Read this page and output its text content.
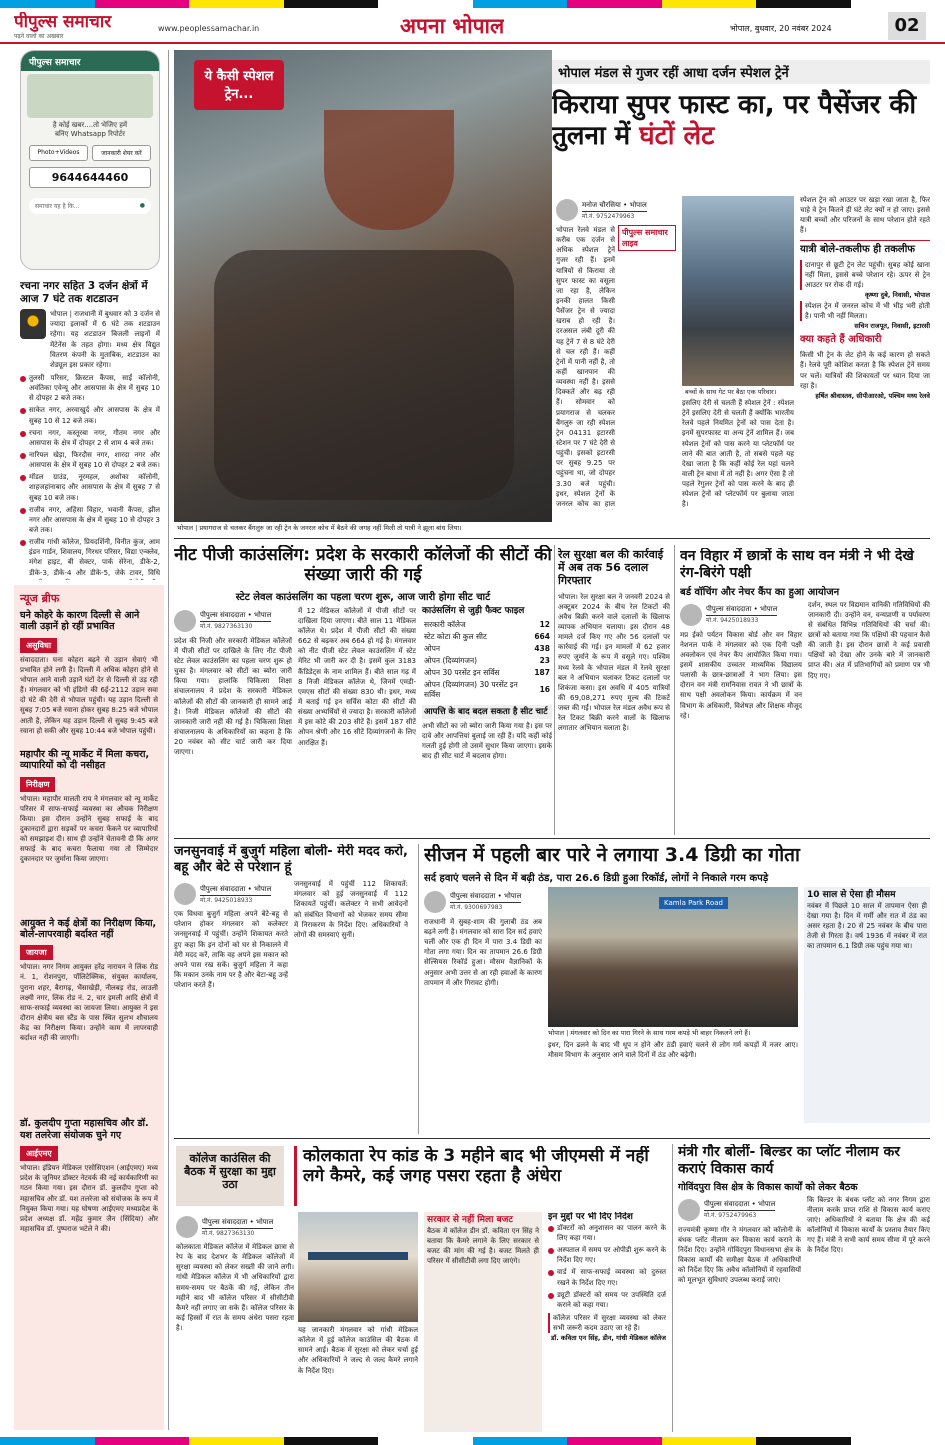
पीपुल्स समाचार
पढ़ने वालों का अखबार
www.peoplessamachar.in	अपना भोपाल	भोपाल, बुधवार, 20 नवंबर 2024	02
पीपुल्स समाचार
है कोई खबर....तो भेजिए हमें
बनिए Whatsapp रिपोर्टर
Photo+Videos	जानकारी शेयर करें
9644644460
समाचार यह है कि...	●
रचना नगर सहित 3 दर्जन क्षेत्रों में आज 7 घंटे तक शटडाउन
भोपाल | राजधानी में बुधवार को 3 दर्जन से ज्यादा इलाकों में 6 घंटे तक शटडाउन रहेगा। यह शटडाउन बिजली लाइनों में मेंटेनेंस के तहत होगा। मध्य क्षेत्र विद्युत वितरण कंपनी के मुताबिक, शटडाउन का शेड्यूल इस प्रकार रहेगा।
तुलसी परिसर, क्रिस्टल कैंपस, साईं कॉलोनी, अवंतिका एवेन्यू और आसपास के क्षेत्र में सुबह 10 से दोपहर 2 बजे तक।
साकेत नगर, अरवाखुर्द और आसपास के क्षेत्र में सुबह 10 से 12 बजे तक।
रचना नगर, कस्तूरबा नगर, गौतम नगर और आसपास के क्षेत्र में दोपहर 2 से शाम 4 बजे तक।
नारियल खेड़ा, फिरदौस नगर, शारदा नगर और आसपास के क्षेत्र में सुबह 10 से दोपहर 2 बजे तक।
मॉडल ग्राउंड, नूरमहल, अशोका कॉलोनी, शाहजहांनाबाद और आसपास के क्षेत्र में सुबह 7 से सुबह 10 बजे तक।
राजीव नगर, अहिंसा विहार, भवानी कैंपस, झील नगर और आसपास के क्षेत्र में सुबह 10 से दोपहर 3 बजे तक।
राजीव गांधी कॉलेज, प्रियदर्शिनी, विनीत कुंज, आम इंडन गार्डन, शिवालय, गिरधर परिसर, विद्या एन्क्लेव, मंगेश हाइट, बी सेक्टर, पार्क सेरेना, डीके-2, डीके-3, डीके-4 और डीके-5, जेके टावर, विधि
न्यूज ब्रीफ
घने कोहरे के कारण दिल्ली से आने वाली उड़ानें हो रहीं प्रभावित
असुविधा
संवाददाता। घना कोहरा बढ़ने से उड़ान सेवाएं भी प्रभावित होने लगी है। दिल्ली में अधिक कोहरा होने से भोपाल आने वाली उड़ानें घंटों देर से दिल्ली से उड़ रही हैं। मंगलवार को भी इंडिगो की 6ई-2112 उड़ान सवा दो घंटे की देरी से भोपाल पहुंची। यह उड़ान दिल्ली से सुबह 7:05 बजे रवाना होकर सुबह 8:25 बजे भोपाल आती है, लेकिन यह उड़ान दिल्ली से सुबह 9:45 बजे रवाना हो सकी और सुबह 10:44 बजे भोपाल पहुंची।
महापौर की न्यू मार्केट में मिला कचरा, व्यापारियों को दी नसीहत
निरीक्षण
भोपाल। महापौर मालती राय ने मंगलवार को न्यू मार्केट परिसर में साफ-सफाई व्यवस्था का औचक निरीक्षण किया। इस दौरान उन्होंने सुबह सफाई के बाद दुकानदारों द्वारा सड़कों पर कचरा फेंकने पर व्यापारियों को समझाइश दी। साथ ही उन्होंने चेतावनी दी कि अगर सफाई के बाद कचरा फैलाया गया तो जिम्मेदार दुकानदार पर जुर्माना किया जाएगा।
आयुक्त ने कई क्षेत्रों का निरीक्षण किया, बोले-लापरवाही बर्दाश्त नहीं
जायजा
भोपाल। नगर निगम आयुक्त हरेंद्र नारायन ने लिंक रोड नं. 1, रोशनपुरा, पॉलिटेक्निक, संयुक्त कार्यालय, पुराना शहर, बैरागढ़, भैंसाखेड़ी, नीलबड़ रोड, लाउली लक्ष्मी नगर, लिंक रोड नं. 2, चार इमली आदि क्षेत्रों में साफ-सफाई व्यवस्था का जायजा लिया। आयुक्त ने इस दौरान क्षेत्रीय बस स्टैंड के पास स्थित सुलभ शौचालय केंद्र का निरीक्षण किया। उन्होंने काम में लापरवाही बर्दाश्त नहीं की जाएगी।
डॉ. कुलदीप गुप्ता महासचिव और डॉ. यश तलरेजा संयोजक चुने गए
आईएमए
भोपाल। इंडियन मेडिकल एसोसिएशन (आईएमए) मध्य प्रदेश के जूनियर डॉक्टर नेटवर्क की नई कार्यकारिणी का गठन किया गया। इस दौरान डॉ. कुलदीप गुप्ता को महासचिव और डॉ. यश तलरेजा को संयोजक के रूप में नियुक्त किया गया। यह घोषणा आईएमए मध्यप्रदेश के प्रदेश अध्यक्ष डॉ. महेंद्र कुमार जैन (सिंदिया) और महासचिव डॉ. पुष्पराज भटेले ने की।
ये कैसी स्पेशल ट्रेन...
भोपाल | प्रयागराज से चलकर बैंगलुरु जा रही ट्रेन के जनरल कोच में बैठने की जगह नहीं मिली तो यात्री ने झूला बांध लिया।
भोपाल मंडल से गुजर रहीं आधा दर्जन स्पेशल ट्रेनें
किराया सुपर फास्ट का, पर पैसेंजर की तुलना में घंटों लेट
मनोज चौरसिया • भोपाल
मो.नं. 9752479963
पीपुल्स समाचार लाइव
भोपाल रेलवे मंडल से करीब एक दर्जन से अधिक स्पेशल ट्रेनें गुजर रही हैं। इनमें यात्रियों से किराया तो सुपर फास्ट का वसूला जा रहा है, लेकिन इनकी हालत किसी पैसेंजर ट्रेन से ज्यादा खराब हो रही है। दरअसल लंबी दूरी की यह ट्रेनें 7 से 8 घंटे देरी से चल रही हैं। कहीं ट्रेनों में पानी नहीं है, तो कहीं खानपान की व्यवस्था नहीं है। इससे दिक्कतें और बढ़ रही हैं। सोमवार को प्रयागराज से चलकर बैंगलुरु जा रही स्पेशल ट्रेन 04131 इटारसी स्टेशन पर 7 घंटे देरी से पहुंची। इसको इटारसी पर सुबह 9.25 पर पहुंचना था, जो दोपहर 3.30 बजे पहुंची। इधर, स्पेशल ट्रेनों के जनरल कोच का हाल
बच्चों के साथ गेट पर बैठा एक परिवार।
इसलिए देरी से चलती हैं स्पेशल ट्रेनें : स्पेशल ट्रेनें इसलिए देरी से चलती हैं क्योंकि भारतीय रेलवे पहले नियमित ट्रेनों को पास देता है। इनमें सुपरफास्ट या अन्य ट्रेनें शामिल हैं। जब स्पेशल ट्रेनों को पास करने या प्लेटफॉर्म पर लाने की बात आती है, तो सबसे पहले यह देखा जाता है कि कहीं कोई रेल यहां चलने वाली ट्रेन बाधा में तो नहीं है। अगर ऐसा है तो पहले रेगुलर ट्रेनों को पास करने के बाद ही स्पेशल ट्रेनों को प्लेटफॉर्म पर बुलाया जाता है।
स्पेशल ट्रेन को आउटर पर खड़ा रखा जाता है, फिर चाहे वे ट्रेन कितने ही घंटे लेट क्यों न हो जाए। इससे यात्री बच्चों और परिजनों के साथ परेशान होते रहते हैं।
यात्री बोले-तकलीफ ही तकलीफ
दानापुर से छूटी ट्रेन लेट पहुंची। सुबह कोई खाना नहीं मिला, इससे बच्चे परेशान रहे। ऊपर से ट्रेन आउटर पर रोक दी गई।
कृष्णा दुबे, निवासी, भोपाल
स्पेशल ट्रेन में जनरल कोच में भी भीड़ भरी होती है। पानी भी नहीं मिलता।
सचिन राजपूत, निवासी, इटारसी
क्या कहते हैं अधिकारी
किसी भी ट्रेन के लेट होने के कई कारण हो सकते हैं। रेलवे पूरी कोशिश करता है कि स्पेशल ट्रेनें समय पर चलें। यात्रियों की शिकायतों पर ध्यान दिया जा रहा है।
हर्षित श्रीवास्तव, सीपीआरओ, पश्चिम मध्य रेलवे
नीट पीजी काउंसलिंग: प्रदेश के सरकारी कॉलेजों की सीटों की संख्या जारी की गई
स्टेट लेवल काउंसलिंग का पहला चरण शुरू, आज जारी होगा सीट चार्ट
पीपुल्स संवाददाता • भोपाल
मो.नं. 9827363130
प्रदेश की निजी और सरकारी मेडिकल कॉलेजों में पीजी सीटों पर दाखिले के लिए नीट पीजी स्टेट लेवल काउंसलिंग का पहला चरण शुरू हो चुका है। मंगलवार को सीटों का ब्योरा जारी किया गया। हालांकि चिकित्सा शिक्षा संचालनालय ने प्रदेश के सरकारी मेडिकल कॉलेजों की सीटों की जानकारी ही सामने आई है। निजी मेडिकल कॉलेजों की सीटों की जानकारी जारी नहीं की गई है। चिकित्सा शिक्षा संचालनालय के अधिकारियों का कहना है कि 20 नवंबर को सीट चार्ट जारी कर दिया जाएगा।
में 12 मेडिकल कॉलेजों में पीजी सीटों पर दाखिला दिया जाएगा। बीते साल 11 मेडिकल कॉलेज थे। प्रदेश में पीजी सीटों की संख्या 662 से बढ़कर अब 664 हो गई है। मंगलवार को नीट पीजी स्टेट लेवल काउंसलिंग में स्टेट मेरिट भी जारी कर दी है। इसमें कुल 3183 कैंडिडेट्स के नाम शामिल हैं। बीते साल गढ़ में 8 निजी मेडिकल कॉलेज थे, जिनमें एमडी-एमएस सीटों की संख्या 830 थी। इधर, मध्य में बताई गई इन सर्विस कोटा की सीटों की संख्या अभ्यर्थियों से ज्यादा है। सरकारी कॉलेजों में इस कोटे की 203 सीटें हैं। इसमें 187 सीटें ओपन श्रेणी और 16 सीटें दिव्यांगजनों के लिए आरक्षित हैं।
काउंसलिंग से जुड़ी फैक्ट फाइल
सरकारी कॉलेज	12
स्टेट कोटा की कुल सीट	664
ओपन	438
ओपन (दिव्यांगजन)	23
ओपन 30 परसेंट इन सर्विस	187
ओपन (दिव्यांगजन) 30 परसेंट इन सर्विस	16
आपत्ति के बाद बदल सकता है सीट चार्ट
अभी सीटों का जो ब्योरा जारी किया गया है। इस पर दावे और आपत्तियां बुलाई जा रही हैं। यदि कहीं कोई गलती हुई होगी तो उसमें सुधार किया जाएगा। इसके बाद ही सीट चार्ट में बदलाव होगा।
रेल सुरक्षा बल की कार्रवाई में अब तक 56 दलाल गिरफ्तार
भोपाल। रेल सुरक्षा बल ने जनवरी 2024 से अक्टूबर 2024 के बीच रेल टिकटों की अवैध बिक्री करने वाले दलालों के खिलाफ व्यापक अभियान चलाया। इस दौरान 48 मामले दर्ज किए गए और 56 दलालों पर कार्रवाई की गई। इन मामलों में 62 हजार रुपए जुर्माने के रूप में वसूले गए। पश्चिम मध्य रेलवे के भोपाल मंडल में रेलवे सुरक्षा बल ने अभियान चलाकर टिकट दलालों पर शिकंजा कसा। इस अवधि में 405 यात्रियों की 69,08,271 रुपए मूल्य की टिकटें जब्त की गईं। भोपाल रेल मंडल अवैध रूप से रेल टिकट बिक्री करने वालों के खिलाफ लगातार अभियान चलाता है।
वन विहार में छात्रों के साथ वन मंत्री ने भी देखे रंग-बिरंगे पक्षी
बर्ड वॉचिंग और नेचर कैंप का हुआ आयोजन
पीपुल्स संवाददाता • भोपाल
मो.नं. 9425018933
मप्र ईको पर्यटन विकास बोर्ड और वन विहार नेशनल पार्क ने मंगलवार को एक दिनी पक्षी अवलोकन एवं नेचर कैंप आयोजित किया गया। इसमें शासकीय उच्चतर माध्यमिक विद्यालय पलासी के छात्र-छात्राओं ने भाग लिया। इस दौरान वन मंत्री रामनिवास रावत ने भी छात्रों के साथ पक्षी अवलोकन किया। कार्यक्रम में वन विभाग के अधिकारी, विशेषज्ञ और शिक्षक मौजूद रहे।
दर्शन, स्थल पर विद्यमान वानिकी गतिविधियों की जानकारी दी। उन्होंने वन, वन्यप्राणी व पर्यावरण से संबंधित विभिन्न गतिविधियों की चर्चा की। छात्रों को बताया गया कि पक्षियों की पहचान कैसे की जाती है। इस दौरान छात्रों ने कई प्रवासी पक्षियों को देखा और उनके बारे में जानकारी प्राप्त की। अंत में प्रतिभागियों को प्रमाण पत्र भी दिए गए।
जनसुनवाई में बुजुर्ग महिला बोली- मेरी मदद करो, बहू और बेटे से परेशान हूं
पीपुल्स संवाददाता • भोपाल
मो.नं. 9425018933
एक विधवा बुजुर्ग महिला अपने बेटे-बहू से परेशान होकर मंगलवार को कलेक्टर जनसुनवाई में पहुंचीं। उन्होंने शिकायत करते हुए कहा कि इन दोनों को घर से निकालने में मेरी मदद करें, ताकि वह अपने इस मकान को अपने पास रख सकें। बुजुर्ग महिला ने कहा कि मकान उनके नाम पर है और बेटा-बहू उन्हें परेशान करते हैं।
जनसुनवाई में पहुंचीं 112 शिकायतें: मंगलवार को हुई जनसुनवाई में 112 शिकायतें पहुंचीं। कलेक्टर ने सभी आवेदनों को संबंधित विभागों को भेजकर समय सीमा में निराकरण के निर्देश दिए। अधिकारियों ने लोगों की समस्याएं सुनीं।
सीजन में पहली बार पारे ने लगाया 3.4 डिग्री का गोता
सर्द हवाएं चलने से दिन में बढ़ी ठंड, पारा 26.6 डिग्री हुआ रिकॉर्ड, लोगों ने निकाले गरम कपड़े
पीपुल्स संवाददाता • भोपाल
मो.नं. 9300697983
राजधानी में सुबह-शाम की गुलाबी ठंड अब बढ़ने लगी है। मंगलवार को सारा दिन सर्द हवाएं चलीं और एक ही दिन में पारा 3.4 डिग्री का गोता लगा गया। दिन का तापमान 26.6 डिग्री सेल्सियस रिकॉर्ड हुआ। मौसम वैज्ञानिकों के अनुसार अभी उत्तर से आ रही हवाओं के कारण तापमान में और गिरावट होगी।
Kamla Park Road
भोपाल | मंगलवार को दिन का पारा गिरने के साथ गरम कपड़े भी बाहर निकलने लगे हैं।
इधर, दिन ढलने के बाद भी धूप न होने और ठंडी हवाएं चलने से लोग गर्म कपड़ों में नजर आए। मौसम विभाग के अनुसार आने वाले दिनों में ठंड और बढ़ेगी।
10 साल से ऐसा ही मौसम
नवंबर में पिछले 10 साल में तापमान ऐसा ही देखा गया है। दिन में गर्मी और रात में ठंड का असर रहता है। 20 से 25 नवंबर के बीच पारा तेजी से गिरता है। वर्ष 1936 में नवंबर में रात का तापमान 6.1 डिग्री तक पहुंच गया था।
कॉलेज काउंसिल की बैठक में सुरक्षा का मुद्दा उठा
कोलकाता रेप कांड के 3 महीने बाद भी जीएमसी में नहीं लगे कैमरे, कई जगह पसरा रहता है अंधेरा
पीपुल्स संवाददाता • भोपाल
मो.नं. 9827363130
कोलकाता मेडिकल कॉलेज में मेडिकल छात्रा से रेप के बाद देशभर के मेडिकल कॉलेजों में सुरक्षा व्यवस्था को लेकर सख्ती की जाने लगी। गांधी मेडिकल कॉलेज में भी अधिकारियों द्वारा समय-समय पर बैठकें की गईं, लेकिन तीन महीने बाद भी कॉलेज परिसर में सीसीटीवी कैमरे नहीं लगाए जा सके हैं। कॉलेज परिसर के कई हिस्सों में रात के समय अंधेरा पसरा रहता है।	यह जानकारी मंगलवार को गांधी मेडिकल कॉलेज में हुई कॉलेज काउंसिल की बैठक में सामने आई। बैठक में सुरक्षा को लेकर चर्चा हुई और अधिकारियों ने जल्द से जल्द कैमरे लगाने के निर्देश दिए।
सरकार से नहीं मिला बजट
बैठक में कॉलेज डीन डॉ. कविता एन सिंह ने बताया कि कैमरे लगाने के लिए सरकार से बजट की मांग की गई है। बजट मिलते ही परिसर में सीसीटीवी लगा दिए जाएंगे।
इन मुद्दों पर भी दिए निर्देश
डॉक्टरों को अनुशासन का पालन करने के लिए कहा गया।
अस्पताल में समय पर ओपीडी शुरू करने के निर्देश दिए गए।
वार्ड में साफ-सफाई व्यवस्था को दुरुस्त रखने के निर्देश दिए गए।
ड्यूटी डॉक्टरों को समय पर उपस्थिति दर्ज कराने को कहा गया।
कॉलेज परिसर में सुरक्षा व्यवस्था को लेकर सभी जरूरी कदम उठाए जा रहे हैं।
डॉ. कविता एन सिंह, डीन, गांधी मेडिकल कॉलेज
मंत्री गौर बोलीं- बिल्डर का प्लॉट नीलाम कर कराएं विकास कार्य
गोविंदपुरा विस क्षेत्र के विकास कार्यों को लेकर बैठक
पीपुल्स संवाददाता • भोपाल
मो.नं. 9752479963
राज्यमंत्री कृष्णा गौर ने मंगलवार को कॉलोनी के बंधक प्लॉट नीलाम कर विकास कार्य कराने के निर्देश दिए। उन्होंने गोविंदपुरा विधानसभा क्षेत्र के विकास कार्यों की समीक्षा बैठक में अधिकारियों को निर्देश दिए कि अवैध कॉलोनियों में रहवासियों को मूलभूत सुविधाएं उपलब्ध कराई जाएं।
कि बिल्डर के बंधक प्लॉट को नगर निगम द्वारा नीलाम करके प्राप्त राशि से विकास कार्य कराए जाएं। अधिकारियों ने बताया कि क्षेत्र की कई कॉलोनियों में विकास कार्यों के प्रस्ताव तैयार किए गए हैं। मंत्री ने सभी कार्य समय सीमा में पूरे करने के निर्देश दिए।
